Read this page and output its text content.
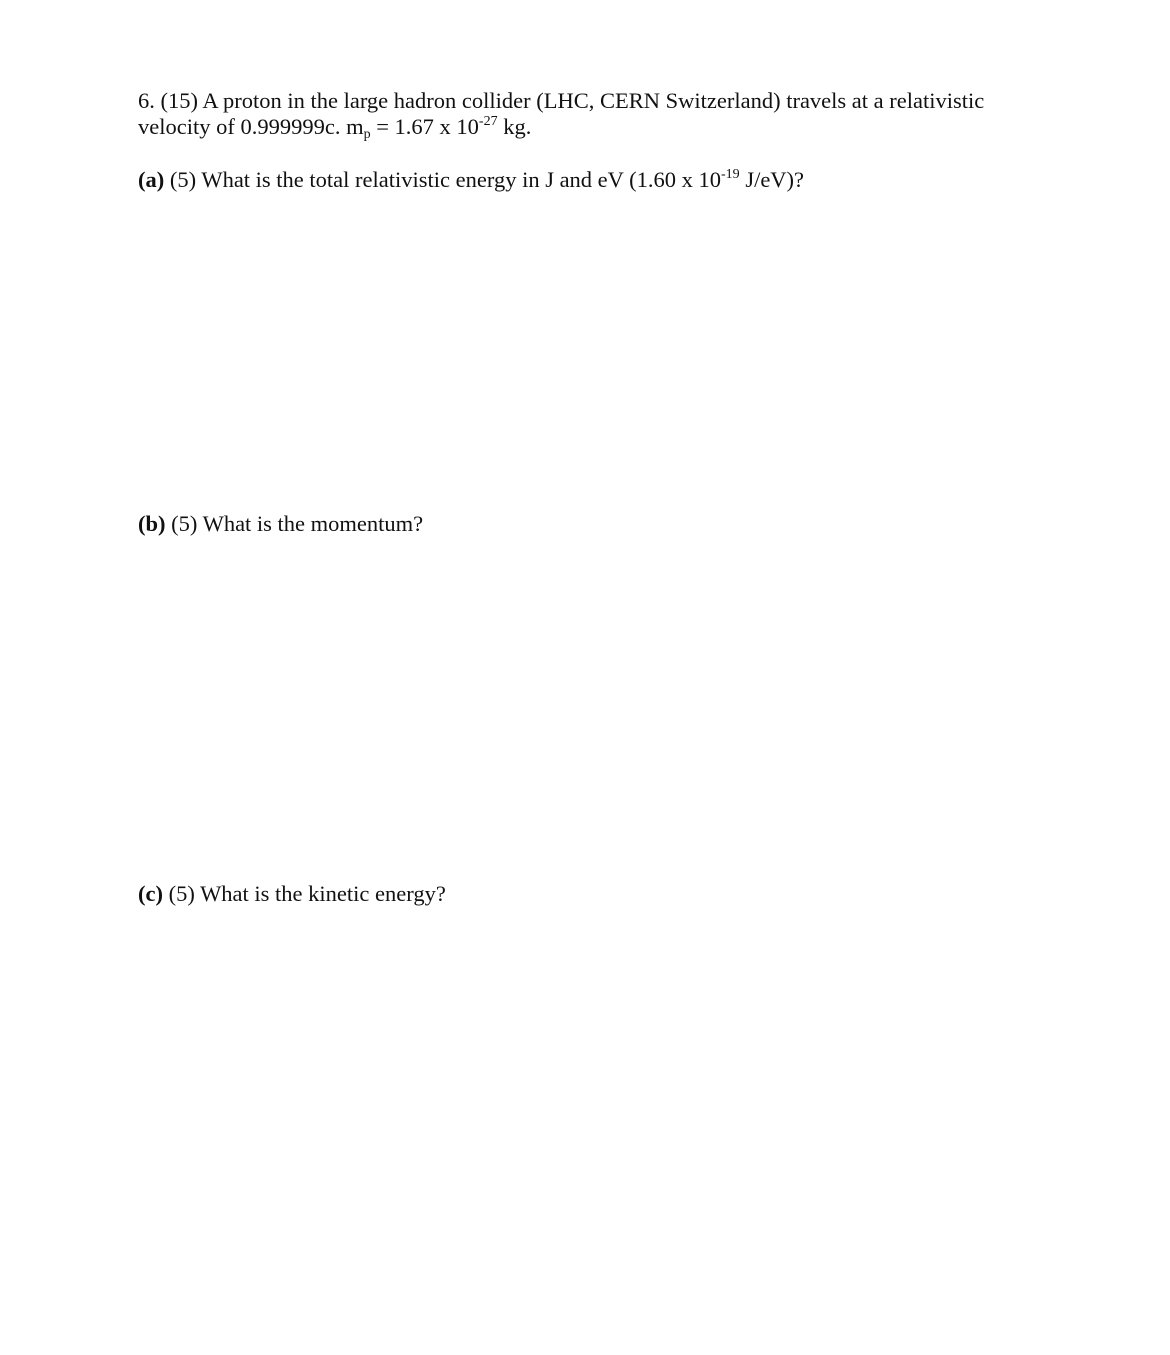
6. (15) A proton in the large hadron collider (LHC, CERN Switzerland) travels at a relativistic
velocity of 0.999999c. $m_p = 1.67$ x $10^{-27}$ kg.
(a) (5) What is the total relativistic energy in J and eV (1.60 x $10^{-19}$ J/eV)?
(b) (5) What is the momentum?
(c) (5) What is the kinetic energy?
